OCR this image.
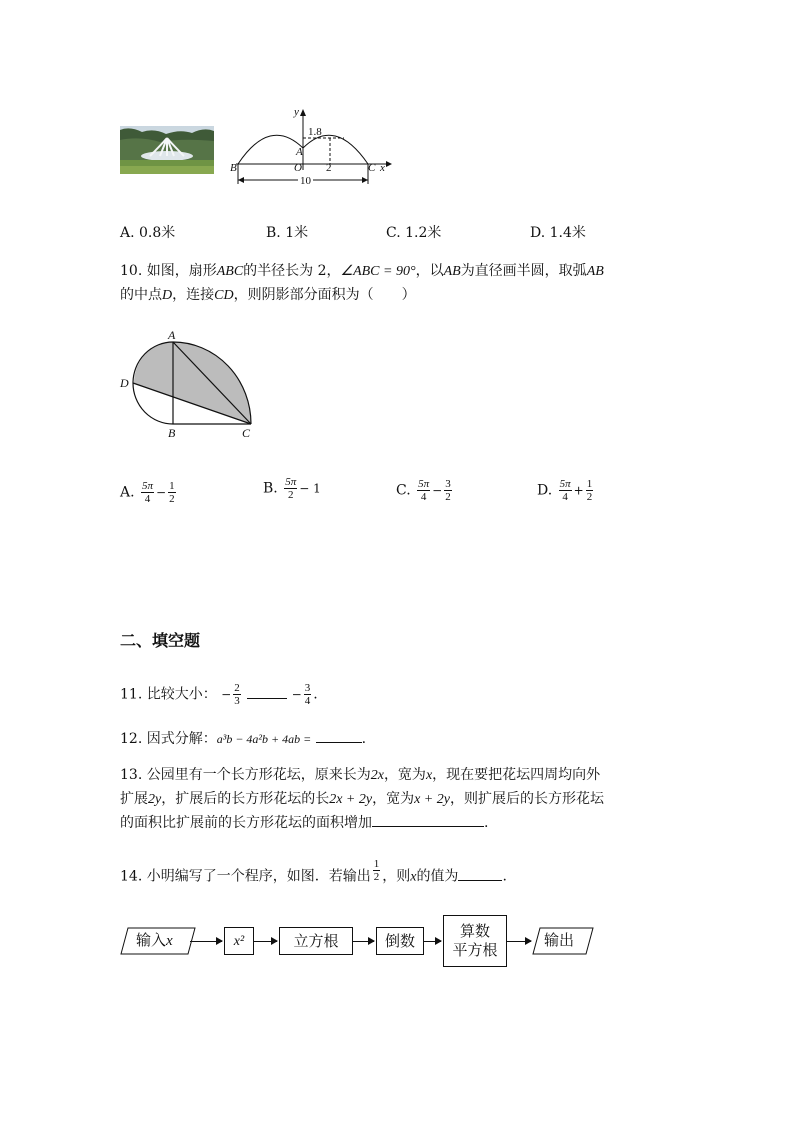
y
1.8
A
O 2
B	C x
10
A. 0.8米	B. 1米	C. 1.2米	D. 1.4米
10. 如图，扇形ABC的半径长为 2，∠ABC = 90°，以AB为直径画半圆，取弧AB
的中点D，连接CD，则阴影部分面积为（　　）
A
B	C
D
A. $\frac{5\pi}{4} - \frac{1}{2}$	B. $\frac{5\pi}{2} - 1$	C. $\frac{5\pi}{4} - \frac{3}{2}$	D. $\frac{5\pi}{4} + \frac{1}{2}$
二、填空题
11. 比较大小： − $\frac{2}{3}$	− $\frac{3}{4}$ .
12. 因式分解：a³b − 4a²b + 4ab =	.
13. 公园里有一个长方形花坛，原来长为2x，宽为x，现在要把花坛四周均向外
扩展2y，扩展后的长方形花坛的长2x + 2y，宽为x + 2y，则扩展后的长方形花坛
的面积比扩展前的长方形花坛的面积增加	.
14. 小明编写了一个程序，如图．若输出 $\frac{1}{2}$ ，则x的值为	.
输入x	x²	立方根	倒数
算数
平方根
输出
